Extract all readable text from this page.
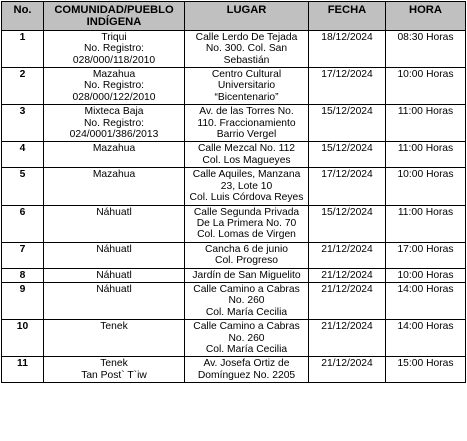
No.	COMUNIDAD/PUEBLO
INDÍGENA	LUGAR	FECHA	HORA
1	Triqui
No. Registro:
028/000/118/2010	Calle Lerdo De Tejada
No. 300. Col. San
Sebastián	18/12/2024	08:30 Horas
2	Mazahua
No. Registro:
028/000/122/2010	Centro Cultural
Universitario
“Bicentenario”	17/12/2024	10:00 Horas
3	Mixteca Baja
No. Registro:
024/0001/386/2013	Av. de las Torres No.
110. Fraccionamiento
Barrio Vergel	15/12/2024	11:00 Horas
4	Mazahua	Calle Mezcal No. 112
Col. Los Magueyes	15/12/2024	11:00 Horas
5	Mazahua	Calle Aquiles, Manzana
23, Lote 10
Col. Luis Córdova Reyes	17/12/2024	10:00 Horas
6	Náhuatl	Calle Segunda Privada
De La Primera No. 70
Col. Lomas de Virgen	15/12/2024	11:00 Horas
7	Náhuatl	Cancha 6 de junio
Col. Progreso	21/12/2024	17:00 Horas
8	Náhuatl	Jardín de San Miguelito	21/12/2024	10:00 Horas
9	Náhuatl	Calle Camino a Cabras
No. 260
Col. María Cecilia	21/12/2024	14:00 Horas
10	Tenek	Calle Camino a Cabras
No. 260
Col. María Cecilia	21/12/2024	14:00 Horas
11	Tenek
Tan Post` T`iw	Av. Josefa Ortiz de
Domínguez No. 2205	21/12/2024	15:00 Horas
